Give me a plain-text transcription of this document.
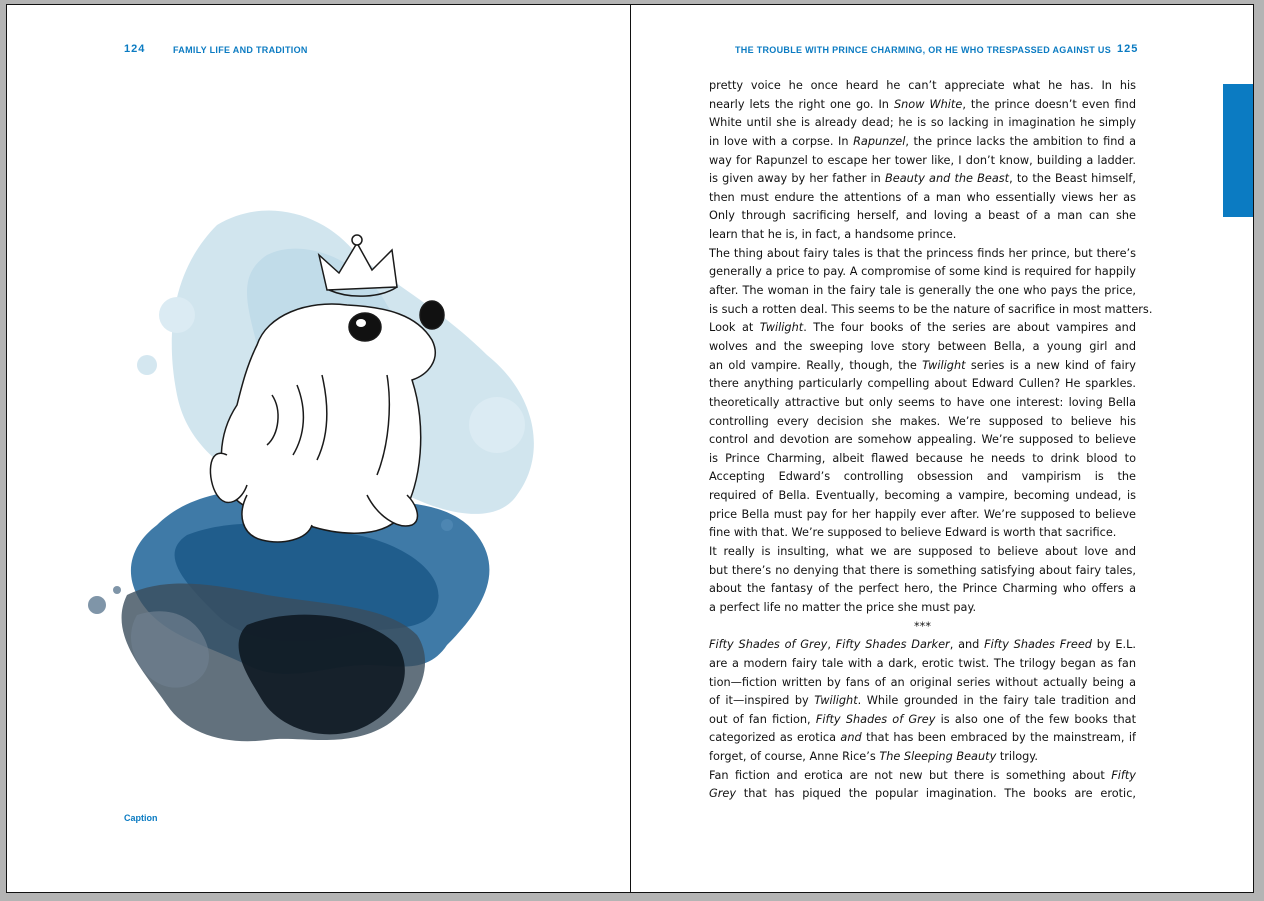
124	FAMILY LIFE AND TRADITION
Caption
THE TROUBLE WITH PRINCE CHARMING, OR HE WHO TRESPASSED AGAINST US 125
pretty voice he once heard he can’t appreciate what he has. In his
nearly lets the right one go. In Snow White, the prince doesn’t even find
White until she is already dead; he is so lacking in imagination he simply
in love with a corpse. In Rapunzel, the prince lacks the ambition to find a
way for Rapunzel to escape her tower like, I don’t know, building a ladder.
is given away by her father in Beauty and the Beast, to the Beast himself,
then must endure the attentions of a man who essentially views her as
Only through sacrificing herself, and loving a beast of a man can she
learn that he is, in fact, a handsome prince.
The thing about fairy tales is that the princess finds her prince, but there’s
generally a price to pay. A compromise of some kind is required for happily
after. The woman in the fairy tale is generally the one who pays the price,
is such a rotten deal. This seems to be the nature of sacrifice in most matters.
Look at Twilight. The four books of the series are about vampires and
wolves and the sweeping love story between Bella, a young girl and
an old vampire. Really, though, the Twilight series is a new kind of fairy
there anything particularly compelling about Edward Cullen? He sparkles.
theoretically attractive but only seems to have one interest: loving Bella
controlling every decision she makes. We’re supposed to believe his
control and devotion are somehow appealing. We’re supposed to believe
is Prince Charming, albeit flawed because he needs to drink blood to
Accepting Edward’s controlling obsession and vampirism is the
required of Bella. Eventually, becoming a vampire, becoming undead, is
price Bella must pay for her happily ever after. We’re supposed to believe
fine with that. We’re supposed to believe Edward is worth that sacrifice.
It really is insulting, what we are supposed to believe about love and
but there’s no denying that there is something satisfying about fairy tales,
about the fantasy of the perfect hero, the Prince Charming who offers a
a perfect life no matter the price she must pay.
***
Fifty Shades of Grey, Fifty Shades Darker, and Fifty Shades Freed by E.L.
are a modern fairy tale with a dark, erotic twist. The trilogy began as fan
tion—fiction written by fans of an original series without actually being a
of it—inspired by Twilight. While grounded in the fairy tale tradition and
out of fan fiction, Fifty Shades of Grey is also one of the few books that
categorized as erotica and that has been embraced by the mainstream, if
forget, of course, Anne Rice’s The Sleeping Beauty trilogy.
Fan fiction and erotica are not new but there is something about Fifty
Grey that has piqued the popular imagination. The books are erotic,
